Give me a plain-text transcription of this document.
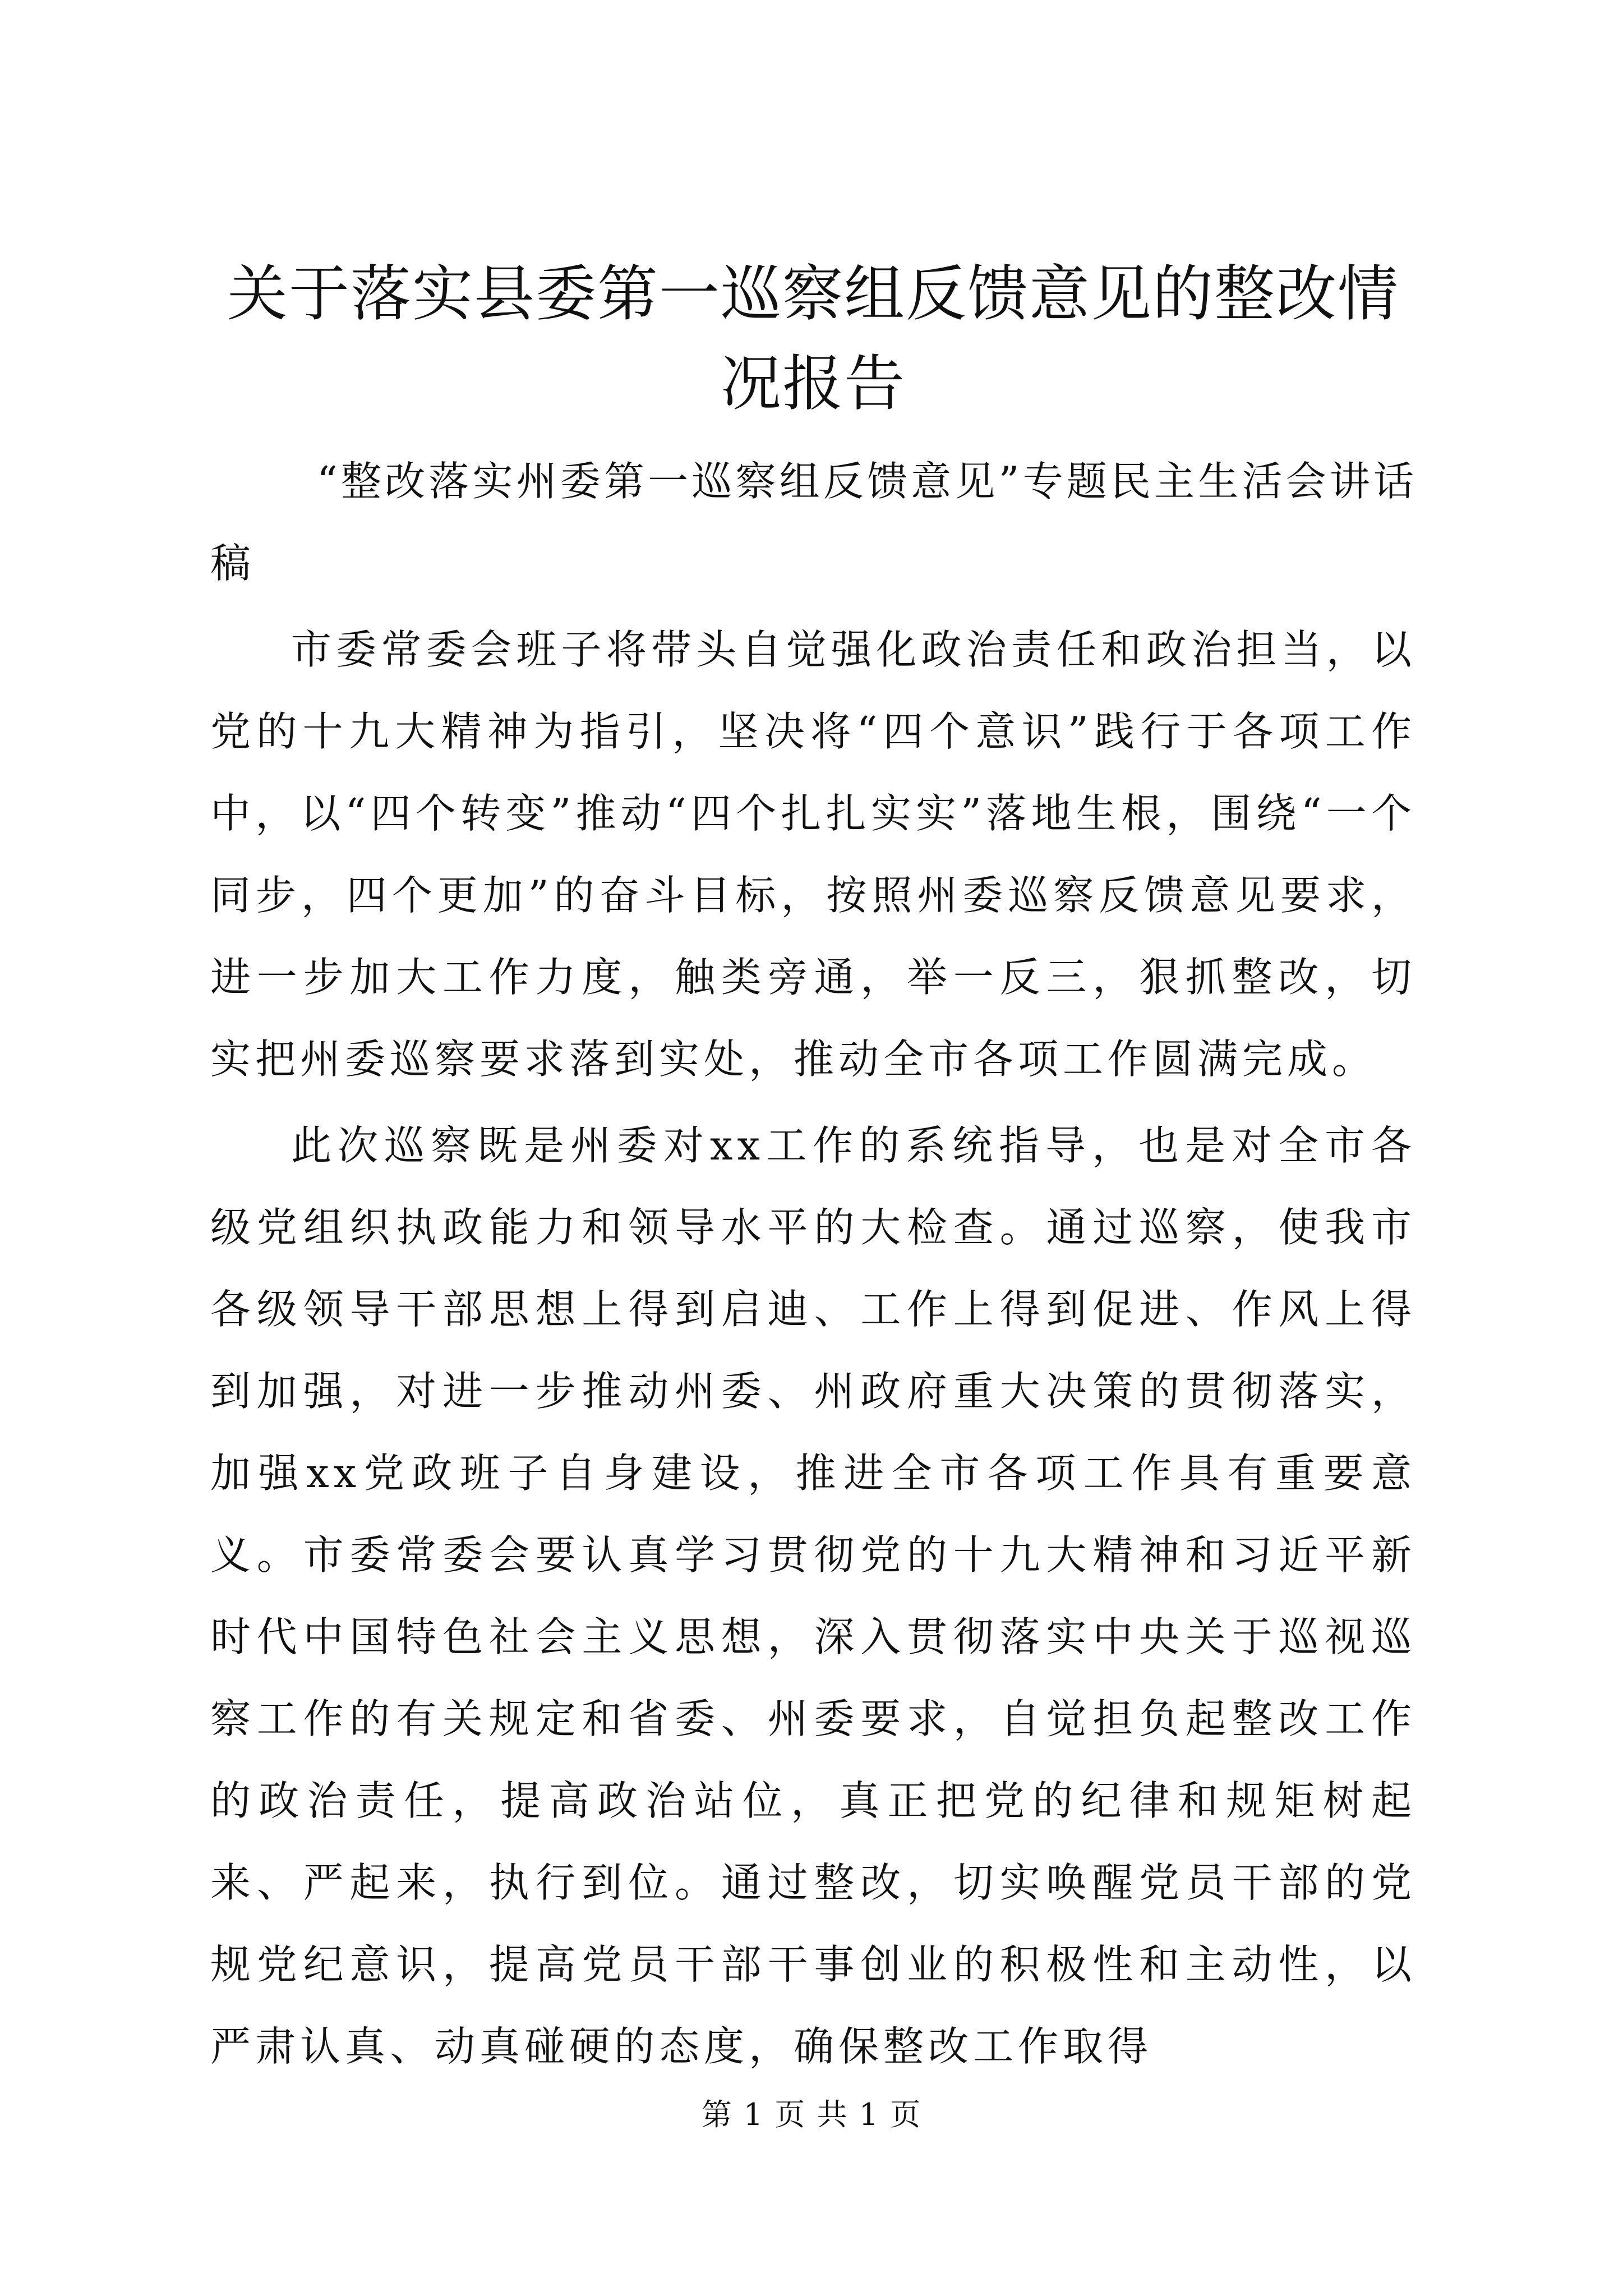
关于落实县委第一巡察组反馈意见的整改情况报告

“整改落实州委第一巡察组反馈意见”专题民主生活会讲话稿

市委常委会班子将带头自觉强化政治责任和政治担当，以党的十九大精神为指引，坚决将“四个意识”践行于各项工作中，以“四个转变”推动“四个扎扎实实”落地生根，围绕“一个同步，四个更加”的奋斗目标，按照州委巡察反馈意见要求，进一步加大工作力度，触类旁通，举一反三，狠抓整改，切实把州委巡察要求落到实处，推动全市各项工作圆满完成。

此次巡察既是州委对xx工作的系统指导，也是对全市各级党组织执政能力和领导水平的大检查。通过巡察，使我市各级领导干部思想上得到启迪、工作上得到促进、作风上得到加强，对进一步推动州委、州政府重大决策的贯彻落实，加强xx党政班子自身建设，推进全市各项工作具有重要意义。市委常委会要认真学习贯彻党的十九大精神和习近平新时代中国特色社会主义思想，深入贯彻落实中央关于巡视巡察工作的有关规定和省委、州委要求，自觉担负起整改工作的政治责任，提高政治站位，真正把党的纪律和规矩树起来、严起来，执行到位。通过整改，切实唤醒党员干部的党规党纪意识，提高党员干部干事创业的积极性和主动性，以严肃认真、动真碰硬的态度，确保整改工作取得

第 1 页 共 1 页
